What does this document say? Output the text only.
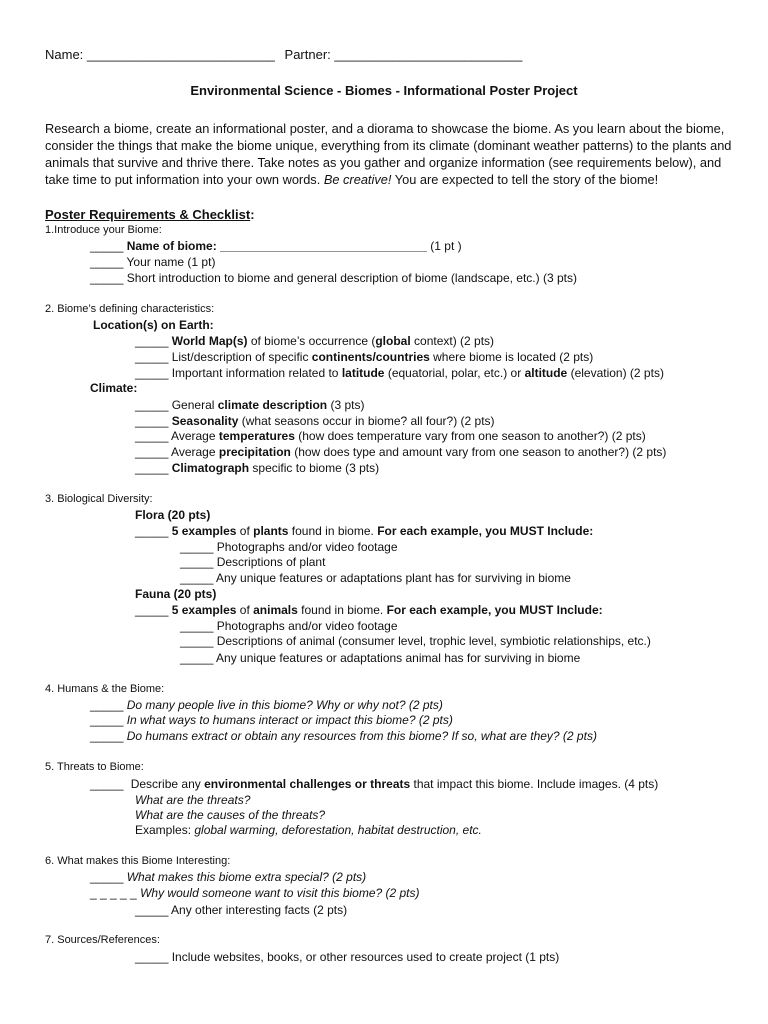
Name: __________________________ Partner: __________________________
Environmental Science - Biomes - Informational Poster Project
Research a biome, create an informational poster, and a diorama to showcase the biome. As you learn about the biome, consider the things that make the biome unique, everything from its climate (dominant weather patterns) to the plants and animals that survive and thrive there. Take notes as you gather and organize information (see requirements below), and take time to put information into your own words. Be creative! You are expected to tell the story of the biome!
Poster Requirements & Checklist:
1.Introduce your Biome:
_____ Name of biome: _______________________________ (1 pt )
_____ Your name (1 pt)
_____ Short introduction to biome and general description of biome (landscape, etc.) (3 pts)
2. Biome’s defining characteristics:
Location(s) on Earth:
_____ World Map(s) of biome’s occurrence (global context) (2 pts)
_____ List/description of specific continents/countries where biome is located (2 pts)
_____ Important information related to latitude (equatorial, polar, etc.) or altitude (elevation) (2 pts)
Climate:
_____ General climate description (3 pts)
_____ Seasonality (what seasons occur in biome? all four?) (2 pts)
_____ Average temperatures (how does temperature vary from one season to another?) (2 pts)
_____ Average precipitation (how does type and amount vary from one season to another?) (2 pts)
_____ Climatograph specific to biome (3 pts)
3. Biological Diversity:
Flora (20 pts)
_____ 5 examples of plants found in biome. For each example, you MUST Include:
_____ Photographs and/or video footage
_____ Descriptions of plant
_____ Any unique features or adaptations plant has for surviving in biome
Fauna (20 pts)
_____ 5 examples of animals found in biome. For each example, you MUST Include:
_____ Photographs and/or video footage
_____ Descriptions of animal (consumer level, trophic level, symbiotic relationships, etc.)
_____ Any unique features or adaptations animal has for surviving in biome
4. Humans & the Biome:
_____ Do many people live in this biome? Why or why not? (2 pts)
_____ In what ways to humans interact or impact this biome? (2 pts)
_____ Do humans extract or obtain any resources from this biome? If so, what are they? (2 pts)
5. Threats to Biome:
_____ Describe any environmental challenges or threats that impact this biome. Include images. (4 pts)
What are the threats?
What are the causes of the threats?
Examples: global warming, deforestation, habitat destruction, etc.
6. What makes this Biome Interesting:
_____ What makes this biome extra special? (2 pts)
_ _ _ _ _ Why would someone want to visit this biome? (2 pts)
_____ Any other interesting facts (2 pts)
7. Sources/References:
_____ Include websites, books, or other resources used to create project (1 pts)
